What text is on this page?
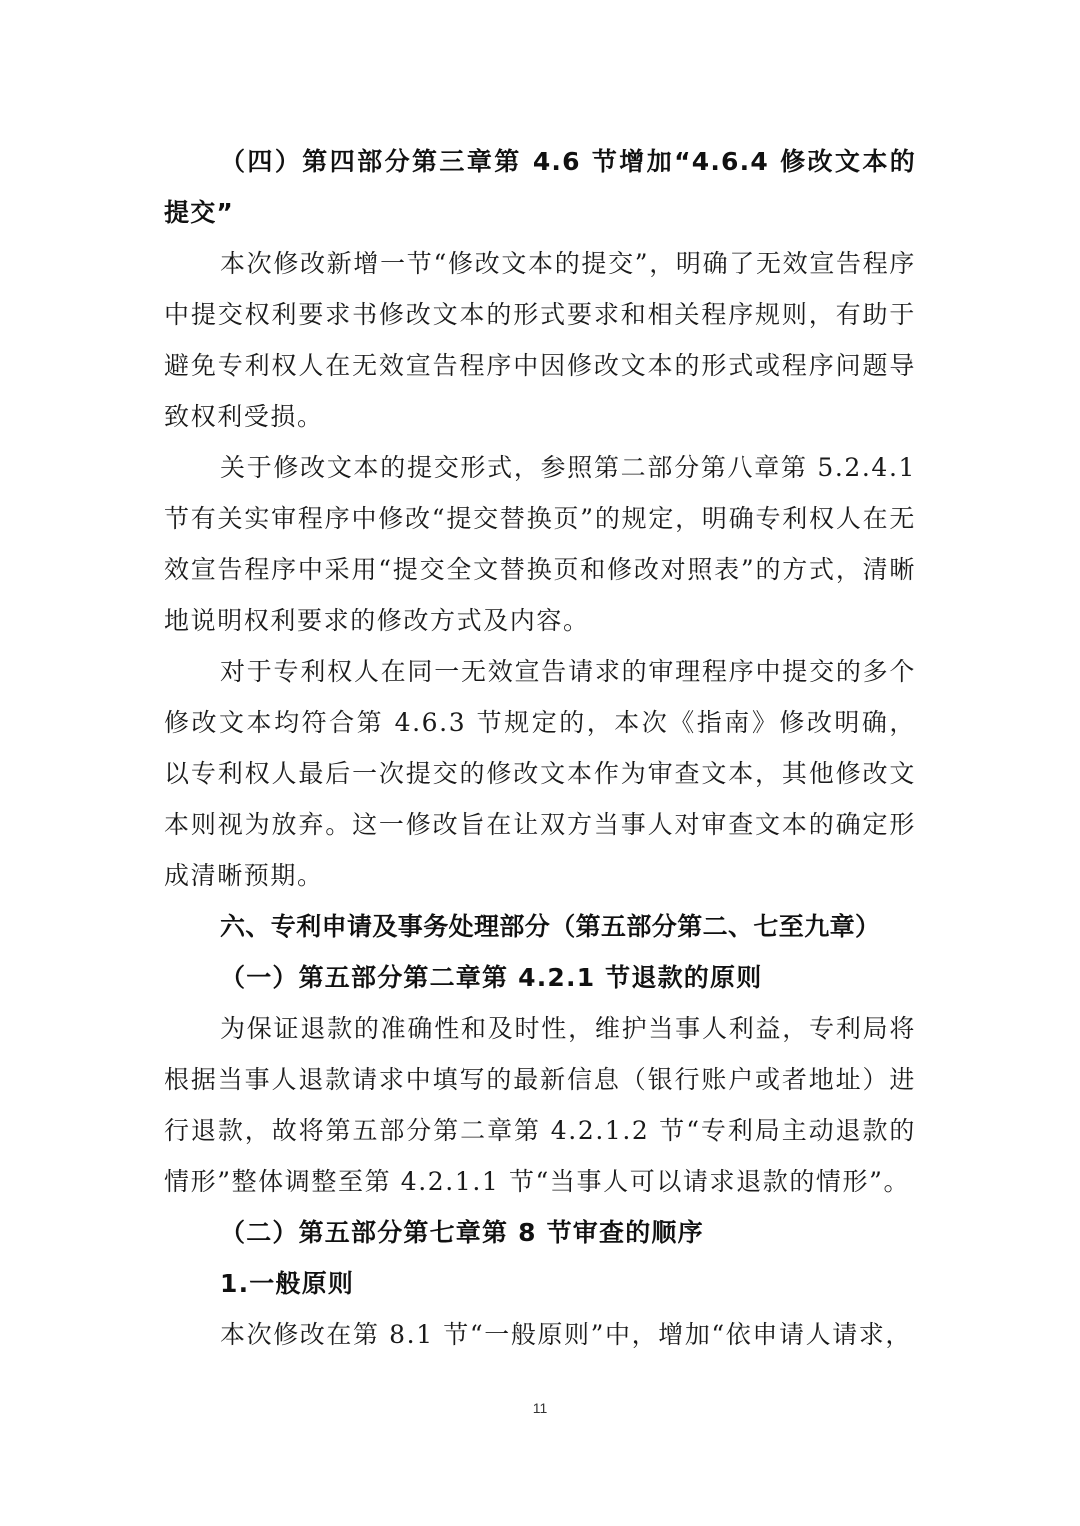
（四）第四部分第三章第 4.6 节增加“4.6.4 修改文本的提交”

本次修改新增一节“修改文本的提交”，明确了无效宣告程序中提交权利要求书修改文本的形式要求和相关程序规则，有助于避免专利权人在无效宣告程序中因修改文本的形式或程序问题导致权利受损。

关于修改文本的提交形式，参照第二部分第八章第 5.2.4.1 节有关实审程序中修改“提交替换页”的规定，明确专利权人在无效宣告程序中采用“提交全文替换页和修改对照表”的方式，清晰地说明权利要求的修改方式及内容。

对于专利权人在同一无效宣告请求的审理程序中提交的多个修改文本均符合第 4.6.3 节规定的，本次《指南》修改明确，以专利权人最后一次提交的修改文本作为审查文本，其他修改文本则视为放弃。这一修改旨在让双方当事人对审查文本的确定形成清晰预期。

六、专利申请及事务处理部分（第五部分第二、七至九章）

（一）第五部分第二章第 4.2.1 节退款的原则

为保证退款的准确性和及时性，维护当事人利益，专利局将根据当事人退款请求中填写的最新信息（银行账户或者地址）进行退款，故将第五部分第二章第 4.2.1.2 节“专利局主动退款的情形”整体调整至第 4.2.1.1 节“当事人可以请求退款的情形”。

（二）第五部分第七章第 8 节审查的顺序

1.一般原则

本次修改在第 8.1 节“一般原则”中，增加“依申请人请求，

11
